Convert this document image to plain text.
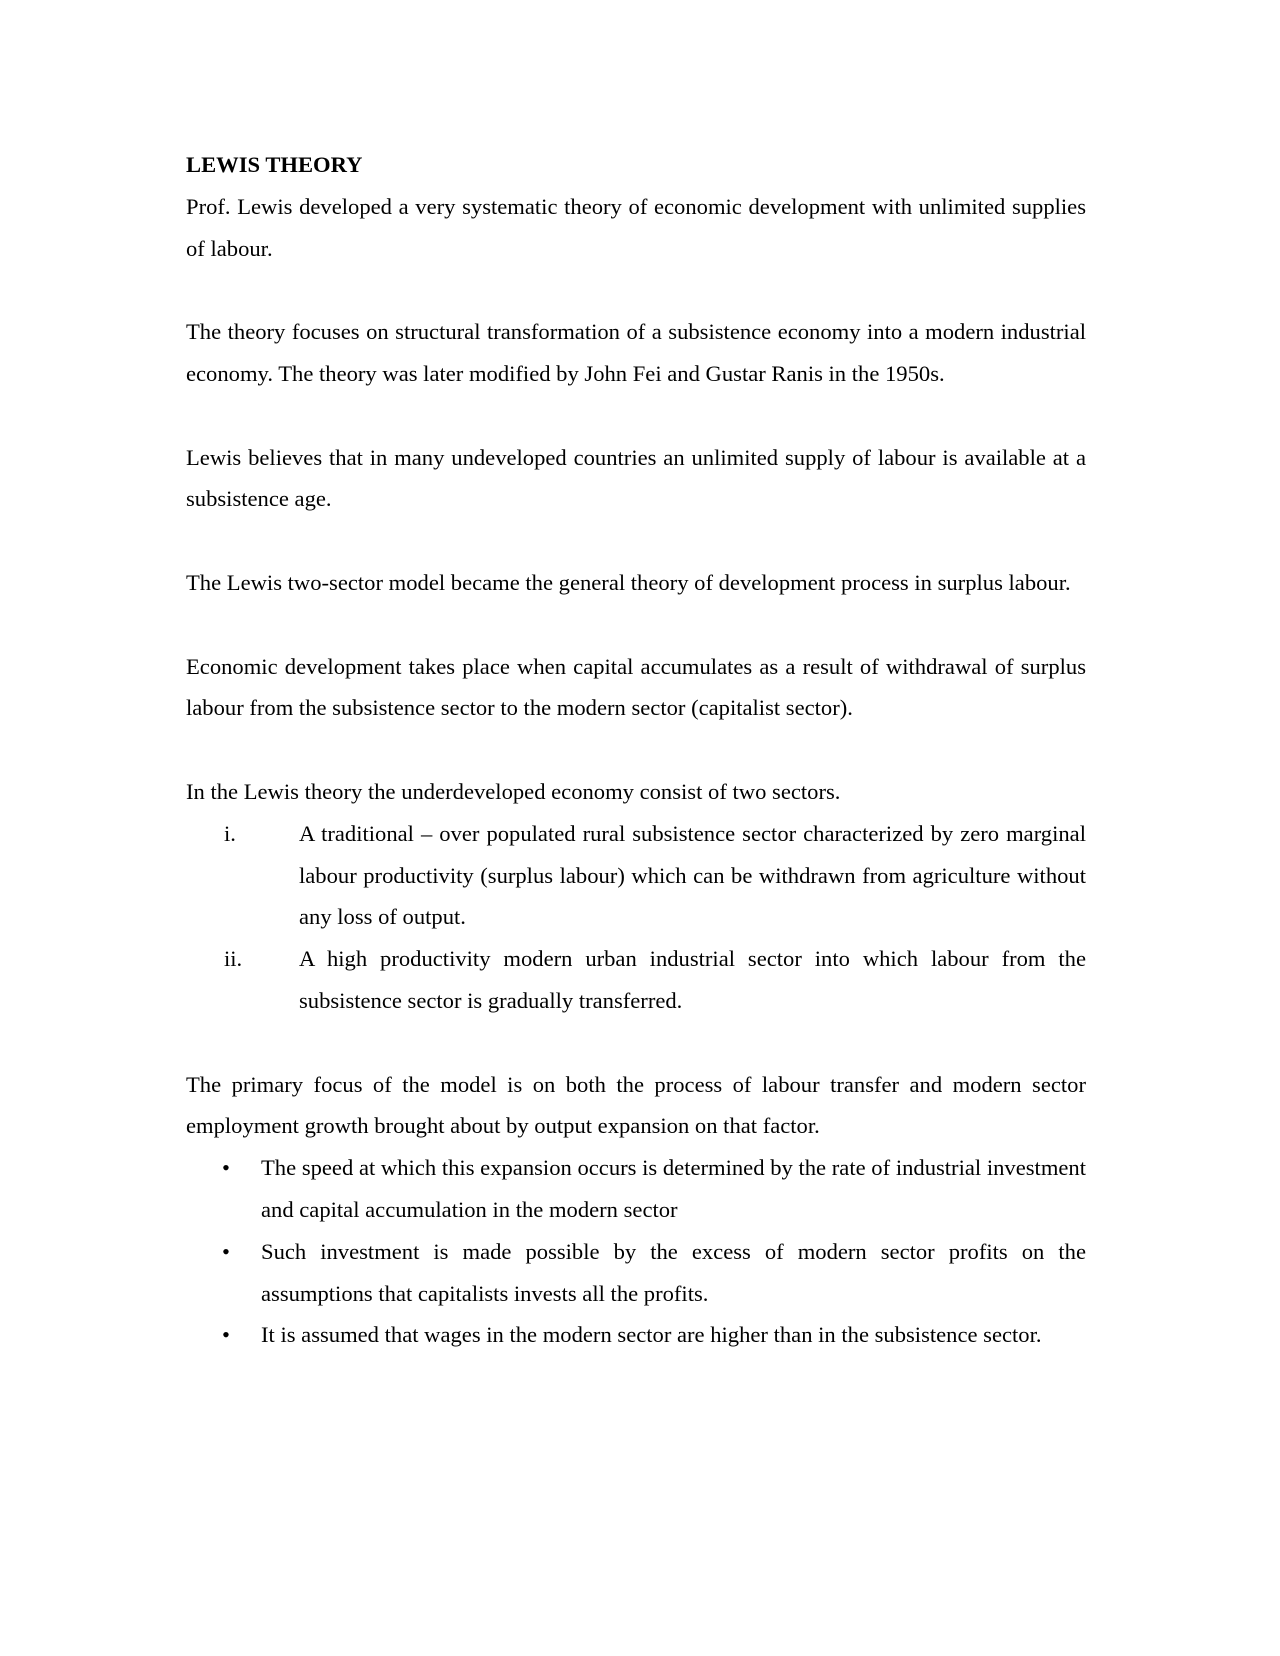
LEWIS THEORY

Prof. Lewis developed a very systematic theory of economic development with unlimited supplies of labour.

The theory focuses on structural transformation of a subsistence economy into a modern industrial economy. The theory was later modified by John Fei and Gustar Ranis in the 1950s.

Lewis believes that in many undeveloped countries an unlimited supply of labour is available at a subsistence age.

The Lewis two-sector model became the general theory of development process in surplus labour.

Economic development takes place when capital accumulates as a result of withdrawal of surplus labour from the subsistence sector to the modern sector (capitalist sector).

In the Lewis theory the underdeveloped economy consist of two sectors.

i.	A traditional – over populated rural subsistence sector characterized by zero marginal labour productivity (surplus labour) which can be withdrawn from agriculture without any loss of output.
ii.	A high productivity modern urban industrial sector into which labour from the subsistence sector is gradually transferred.

The primary focus of the model is on both the process of labour transfer and modern sector employment growth brought about by output expansion on that factor.

• The speed at which this expansion occurs is determined by the rate of industrial investment and capital accumulation in the modern sector
• Such investment is made possible by the excess of modern sector profits on the assumptions that capitalists invests all the profits.
• It is assumed that wages in the modern sector are higher than in the subsistence sector.
